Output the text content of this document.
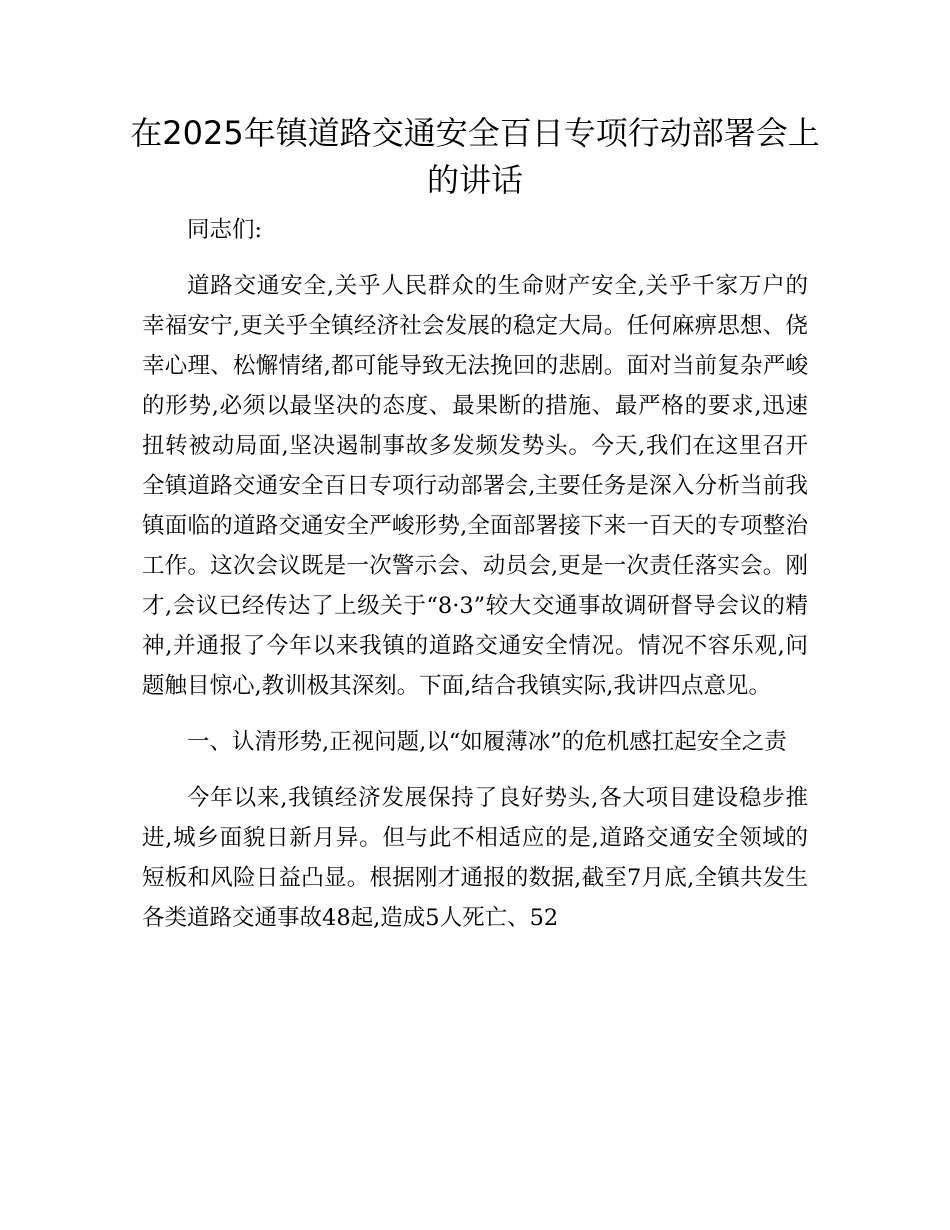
在2025年镇道路交通安全百日专项行动部署会上的讲话

同志们:

道路交通安全,关乎人民群众的生命财产安全,关乎千家万户的幸福安宁,更关乎全镇经济社会发展的稳定大局。任何麻痹思想、侥幸心理、松懈情绪,都可能导致无法挽回的悲剧。面对当前复杂严峻的形势,必须以最坚决的态度、最果断的措施、最严格的要求,迅速扭转被动局面,坚决遏制事故多发频发势头。今天,我们在这里召开全镇道路交通安全百日专项行动部署会,主要任务是深入分析当前我镇面临的道路交通安全严峻形势,全面部署接下来一百天的专项整治工作。这次会议既是一次警示会、动员会,更是一次责任落实会。刚才,会议已经传达了上级关于“8·3”较大交通事故调研督导会议的精神,并通报了今年以来我镇的道路交通安全情况。情况不容乐观,问题触目惊心,教训极其深刻。下面,结合我镇实际,我讲四点意见。

一、认清形势,正视问题,以“如履薄冰”的危机感扛起安全之责

今年以来,我镇经济发展保持了良好势头,各大项目建设稳步推进,城乡面貌日新月异。但与此不相适应的是,道路交通安全领域的短板和风险日益凸显。根据刚才通报的数据,截至7月底,全镇共发生各类道路交通事故48起,造成5人死亡、52
